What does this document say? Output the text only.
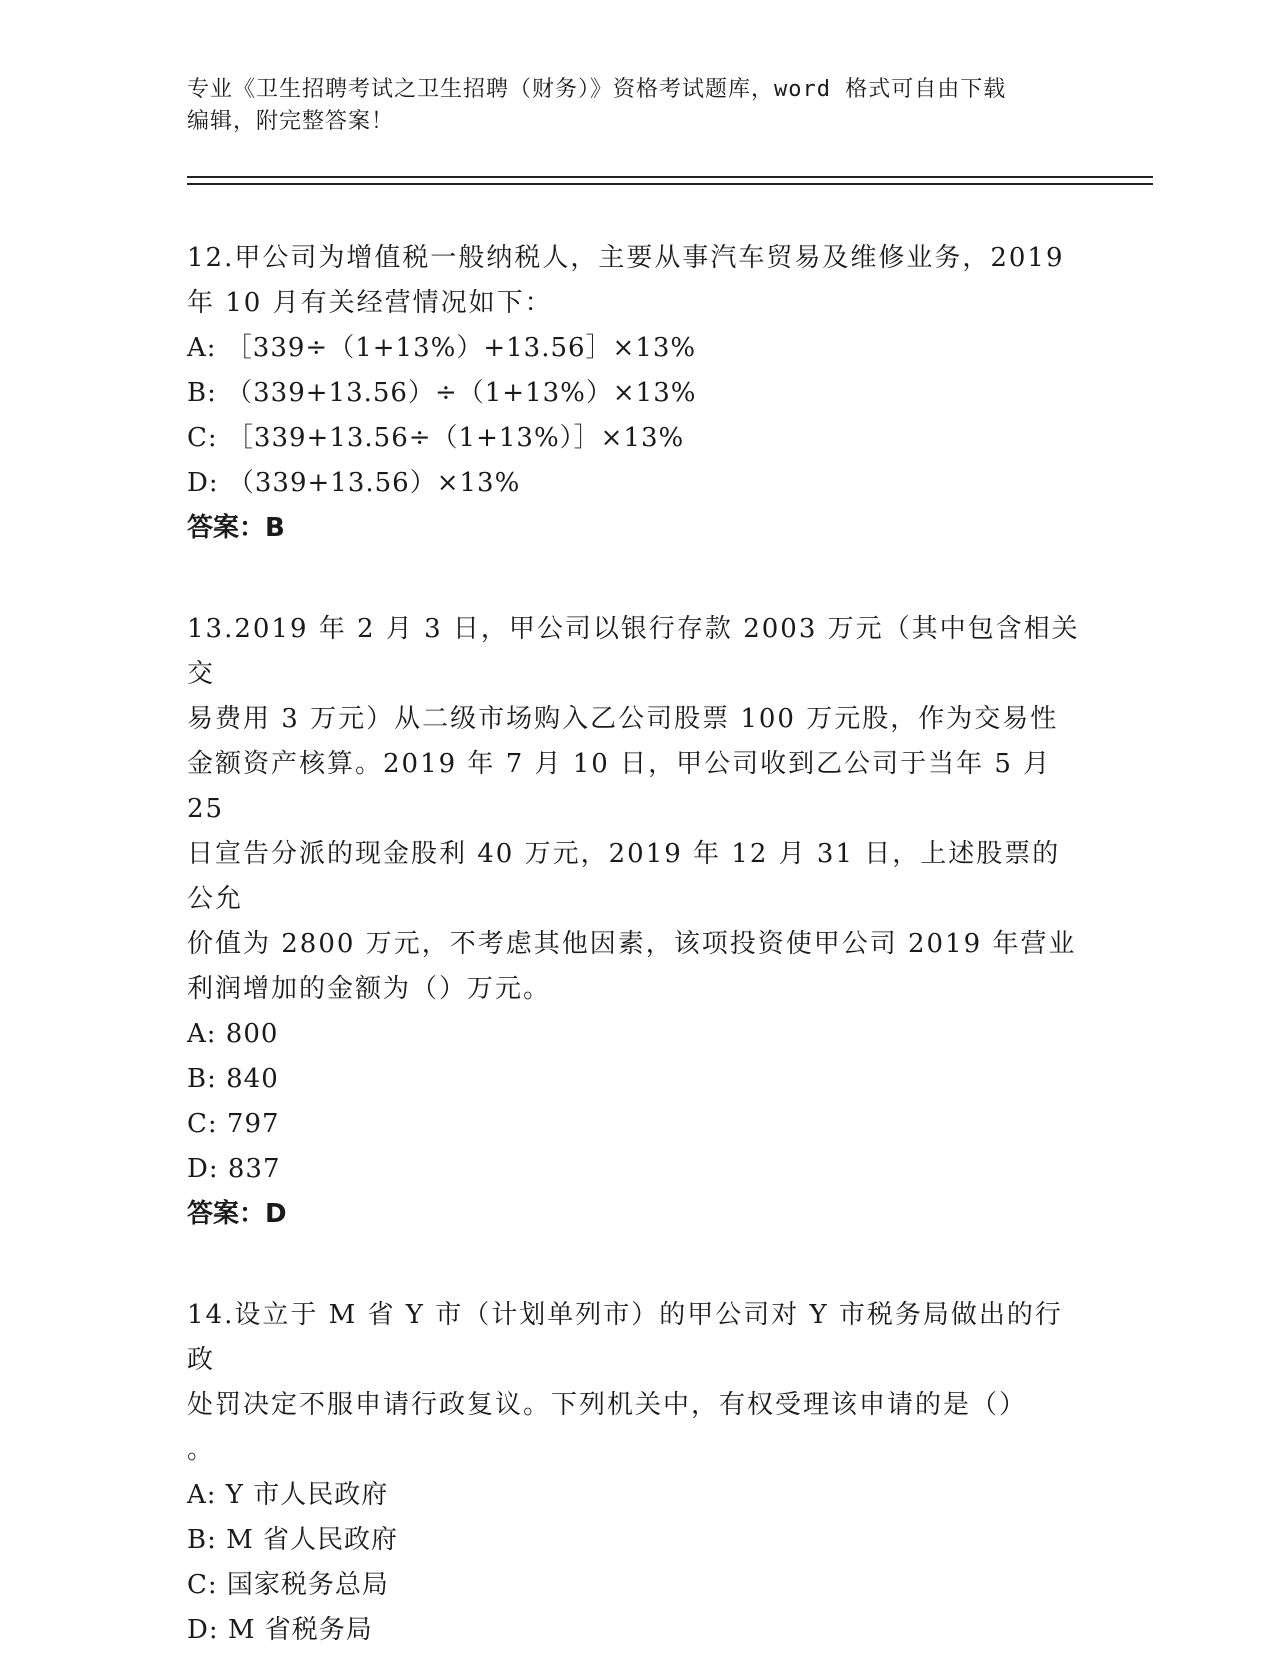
专业《卫生招聘考试之卫生招聘（财务）》资格考试题库，word 格式可自由下载
编辑，附完整答案！

12.甲公司为增值税一般纳税人，主要从事汽车贸易及维修业务，2019

年 10 月有关经营情况如下：

A: ［339÷（1+13%）+13.56］×13%

B: （339+13.56）÷（1+13%）×13%

C: ［339+13.56÷（1+13%）］×13%

D: （339+13.56）×13%

答案：B

13.2019 年 2 月 3 日，甲公司以银行存款 2003 万元（其中包含相关交

易费用 3 万元）从二级市场购入乙公司股票 100 万元股，作为交易性

金额资产核算。2019 年 7 月 10 日，甲公司收到乙公司于当年 5 月 25

日宣告分派的现金股利 40 万元，2019 年 12 月 31 日，上述股票的公允

价值为 2800 万元，不考虑其他因素，该项投资使甲公司 2019 年营业

利润增加的金额为（）万元。

A: 800

B: 840

C: 797

D: 837

答案：D

14.设立于 M 省 Y 市（计划单列市）的甲公司对 Y 市税务局做出的行政

处罚决定不服申请行政复议。下列机关中，有权受理该申请的是（）

。

A: Y 市人民政府

B: M 省人民政府

C: 国家税务总局

D: M 省税务局
